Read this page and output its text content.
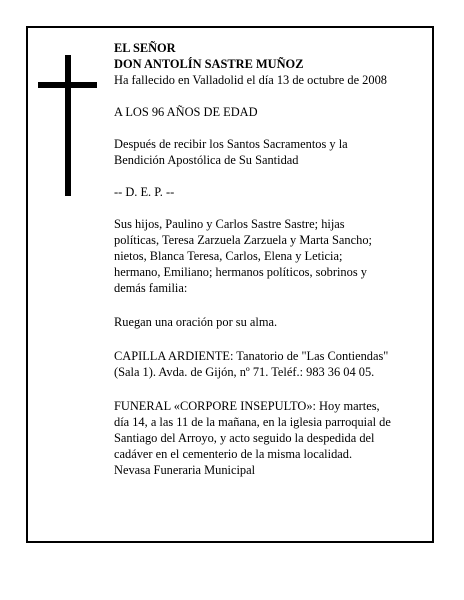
EL SEÑOR

DON ANTOLÍN SASTRE MUÑOZ

Ha fallecido en Valladolid el día 13 de octubre de 2008

A LOS 96 AÑOS DE EDAD

Después de recibir los Santos Sacramentos y la

Bendición Apostólica de Su Santidad

-- D. E. P. --

Sus hijos, Paulino y Carlos Sastre Sastre; hijas

políticas, Teresa Zarzuela Zarzuela y Marta Sancho;

nietos, Blanca Teresa, Carlos, Elena y Leticia;

hermano, Emiliano; hermanos políticos, sobrinos y

demás familia:

Ruegan una oración por su alma.

CAPILLA ARDIENTE: Tanatorio de "Las Contiendas"

(Sala 1). Avda. de Gijón, nº 71. Teléf.: 983 36 04 05.

FUNERAL «CORPORE INSEPULTO»: Hoy martes,

día 14, a las 11 de la mañana, en la iglesia parroquial de

Santiago del Arroyo, y acto seguido la despedida del

cadáver en el cementerio de la misma localidad.

Nevasa Funeraria Municipal
